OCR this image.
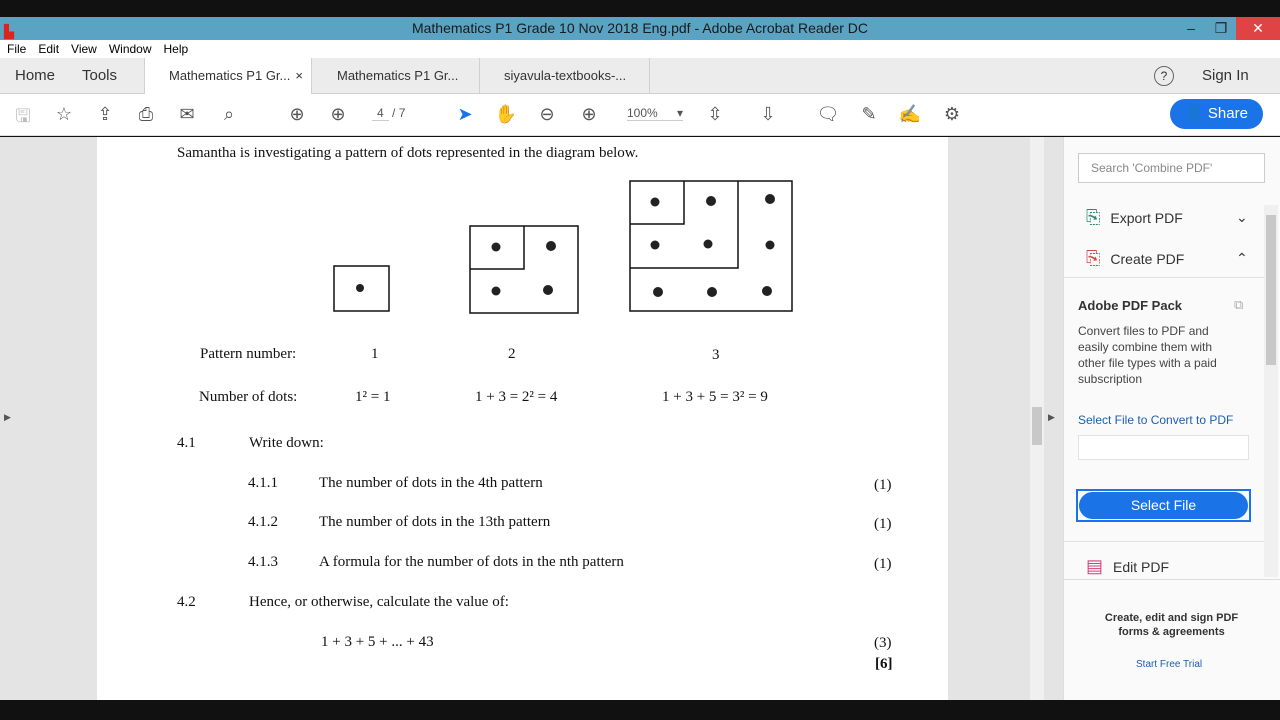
▙	Mathematics P1 Grade 10 Nov 2018 Eng.pdf - Adobe Acrobat Reader DC	–	❐	✕
File Edit View Window Help
Home Tools	Mathematics P1 Gr... ×	Mathematics P1 Gr...	siyavula-textbooks-...	?	Sign In
🖫 ☆ ⇪ ⎙ ✉	⌕	⊕ ⊕	➤ ✋ ⊖ ⊕	⇳ ⇩ 🗨 ✎ ✍ ⚙
4 / 7	100% ▾	👤 Share
▶
Samantha is investigating a pattern of dots represented in the diagram below.
Pattern number:	1	2	3
Number of dots:	1² = 1	1 + 3 = 2² = 4	1 + 3 + 5 = 3² = 9
4.1	Write down:
4.1.1	The number of dots in the 4th pattern	(1)
4.1.2	The number of dots in the 13th pattern	(1)
4.1.3	A formula for the number of dots in the nth pattern	(1)
4.2	Hence, or otherwise, calculate the value of:
1 + 3 + 5 + ... + 43	(3)
[6]
▶
Search 'Combine PDF'
⎘ Export PDF	⌄
⎘ Create PDF	⌃
Adobe PDF Pack	⧉
Convert files to PDF and easily combine them with other file types with a paid subscription
Select File to Convert to PDF
Select File
▤ Edit PDF
Create, edit and sign PDF forms & agreements
Start Free Trial
